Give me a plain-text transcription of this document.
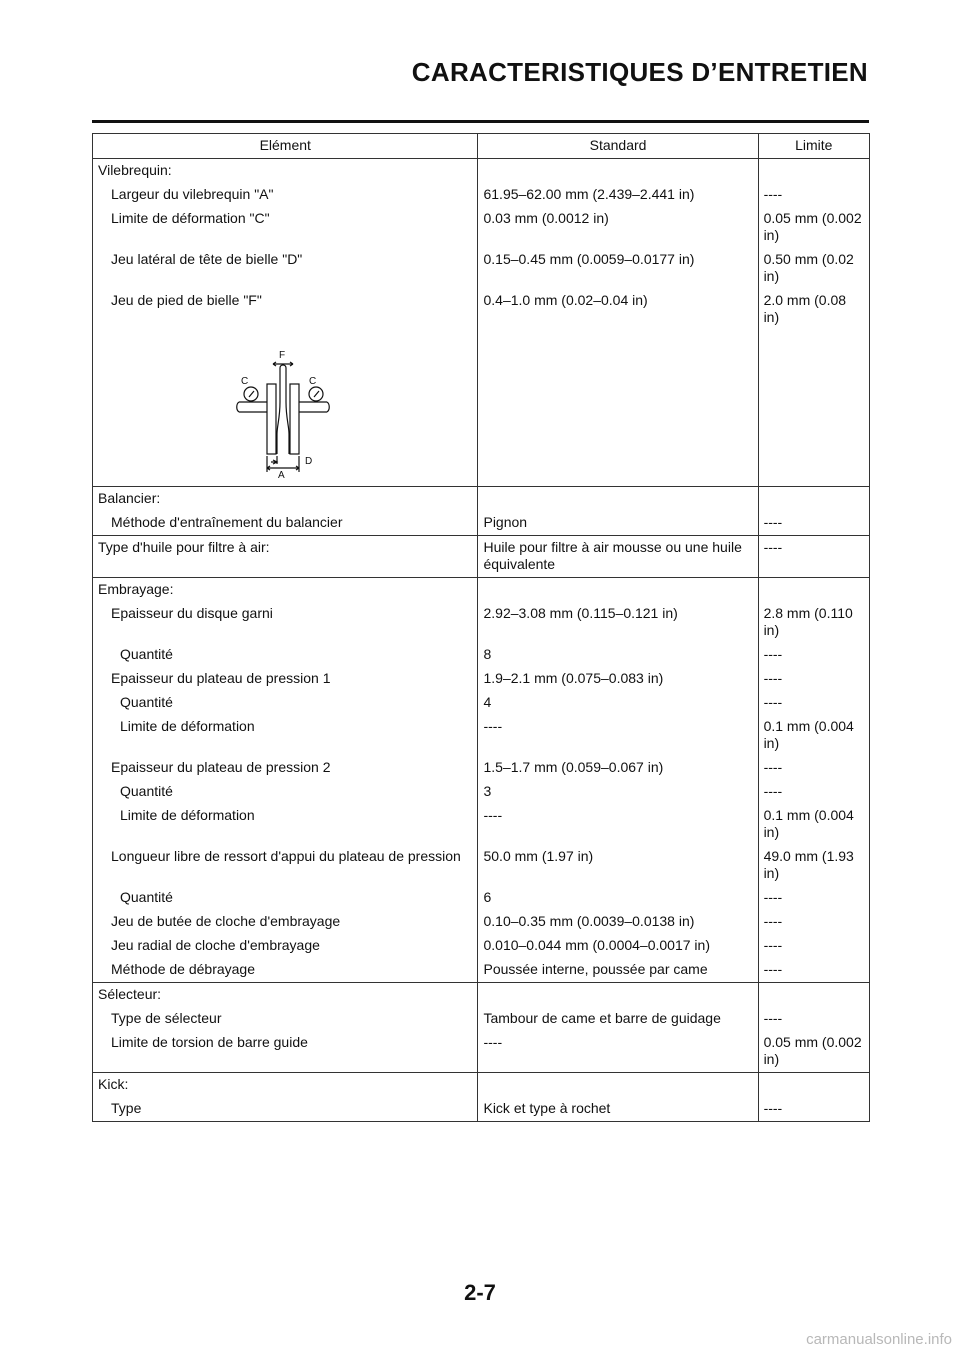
CARACTERISTIQUES D’ENTRETIEN
Elément	Standard	Limite
Vilebrequin:		
Largeur du vilebrequin "A"	61.95–62.00 mm (2.439–2.441 in)	----
Limite de déformation "C"	0.03 mm (0.0012 in)	0.05 mm (0.002 in)
Jeu latéral de tête de bielle "D"	0.15–0.45 mm (0.0059–0.0177 in)	0.50 mm (0.02 in)
Jeu de pied de bielle "F"	0.4–1.0 mm (0.02–0.04 in)	2.0 mm (0.08 in)

F
C C
D
A		

Balancier:		
Méthode d'entraînement du balancier	Pignon	----
Type d'huile pour filtre à air:	Huile pour filtre à air mousse ou une huile équivalente	----
Embrayage:		
Epaisseur du disque garni	2.92–3.08 mm (0.115–0.121 in)	2.8 mm (0.110 in)
Quantité	8	----
Epaisseur du plateau de pression 1	1.9–2.1 mm (0.075–0.083 in)	----
Quantité	4	----
Limite de déformation	----	0.1 mm (0.004 in)
Epaisseur du plateau de pression 2	1.5–1.7 mm (0.059–0.067 in)	----
Quantité	3	----
Limite de déformation	----	0.1 mm (0.004 in)
Longueur libre de ressort d'appui du plateau de pression	50.0 mm (1.97 in)	49.0 mm (1.93 in)
Quantité	6	----
Jeu de butée de cloche d'embrayage	0.10–0.35 mm (0.0039–0.0138 in)	----
Jeu radial de cloche d'embrayage	0.010–0.044 mm (0.0004–0.0017 in)	----
Méthode de débrayage	Poussée interne, poussée par came	----
Sélecteur:		
Type de sélecteur	Tambour de came et barre de guidage	----
Limite de torsion de barre guide	----	0.05 mm (0.002 in)
Kick:		
Type	Kick et type à rochet	----

2-7

carmanualsonline.info
